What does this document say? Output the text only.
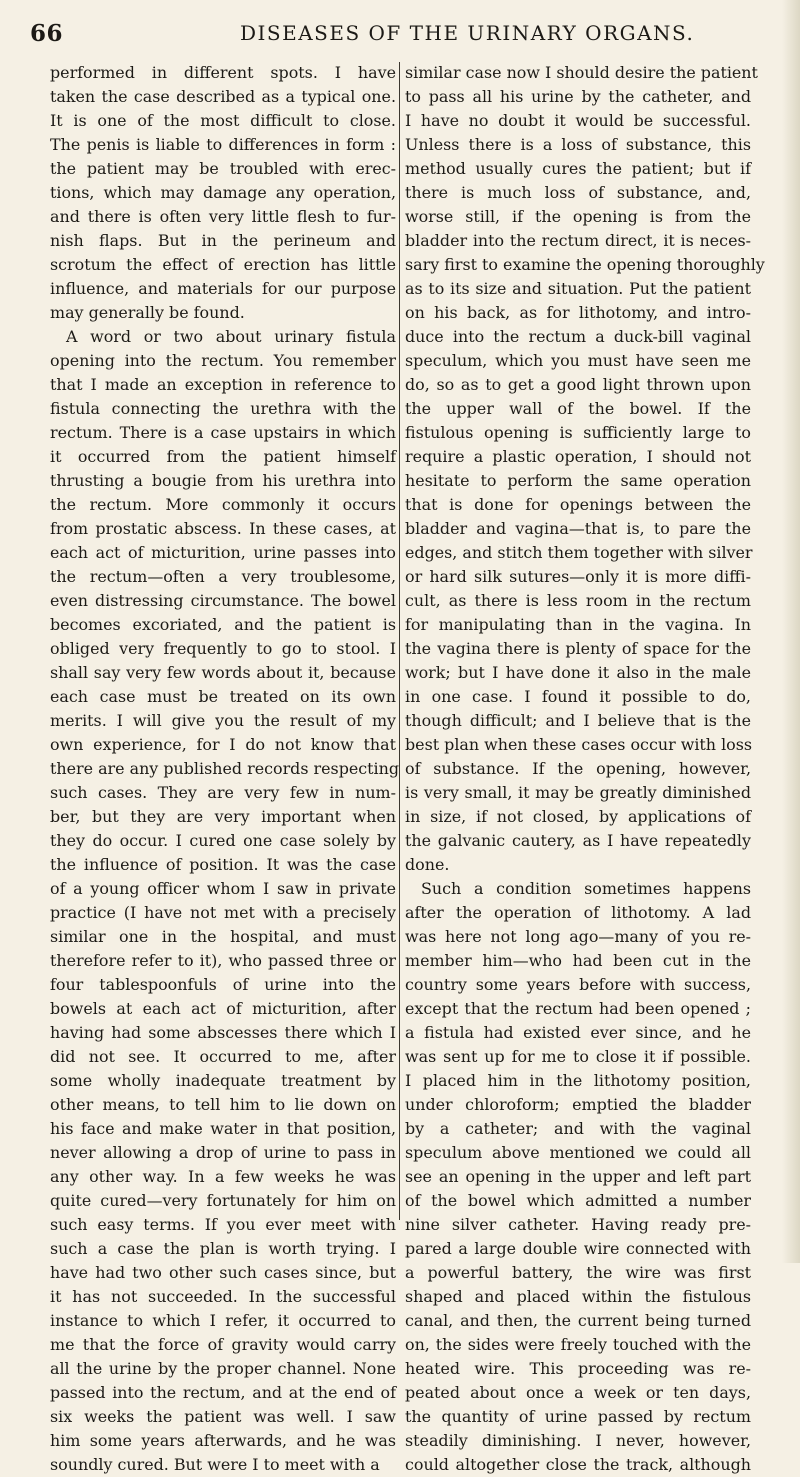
66	DISEASES OF THE URINARY ORGANS.
performed in different spots. I have
taken the case described as a typical one.
It is one of the most difficult to close.
The penis is liable to differences in form :
the patient may be troubled with erec-
tions, which may damage any operation,
and there is often very little flesh to fur-
nish flaps. But in the perineum and
scrotum the effect of erection has little
influence, and materials for our purpose
may generally be found.
A word or two about urinary fistula
opening into the rectum. You remember
that I made an exception in reference to
fistula connecting the urethra with the
rectum. There is a case upstairs in which
it occurred from the patient himself
thrusting a bougie from his urethra into
the rectum. More commonly it occurs
from prostatic abscess. In these cases, at
each act of micturition, urine passes into
the rectum—often a very troublesome,
even distressing circumstance. The bowel
becomes excoriated, and the patient is
obliged very frequently to go to stool. I
shall say very few words about it, because
each case must be treated on its own
merits. I will give you the result of my
own experience, for I do not know that
there are any published records respecting
such cases. They are very few in num-
ber, but they are very important when
they do occur. I cured one case solely by
the influence of position. It was the case
of a young officer whom I saw in private
practice (I have not met with a precisely
similar one in the hospital, and must
therefore refer to it), who passed three or
four tablespoonfuls of urine into the
bowels at each act of micturition, after
having had some abscesses there which I
did not see. It occurred to me, after
some wholly inadequate treatment by
other means, to tell him to lie down on
his face and make water in that position,
never allowing a drop of urine to pass in
any other way. In a few weeks he was
quite cured—very fortunately for him on
such easy terms. If you ever meet with
such a case the plan is worth trying. I
have had two other such cases since, but
it has not succeeded. In the successful
instance to which I refer, it occurred to
me that the force of gravity would carry
all the urine by the proper channel. None
passed into the rectum, and at the end of
six weeks the patient was well. I saw
him some years afterwards, and he was
soundly cured. But were I to meet with a
similar case now I should desire the patient
to pass all his urine by the catheter, and
I have no doubt it would be successful.
Unless there is a loss of substance, this
method usually cures the patient; but if
there is much loss of substance, and,
worse still, if the opening is from the
bladder into the rectum direct, it is neces-
sary first to examine the opening thoroughly
as to its size and situation. Put the patient
on his back, as for lithotomy, and intro-
duce into the rectum a duck-bill vaginal
speculum, which you must have seen me
do, so as to get a good light thrown upon
the upper wall of the bowel. If the
fistulous opening is sufficiently large to
require a plastic operation, I should not
hesitate to perform the same operation
that is done for openings between the
bladder and vagina—that is, to pare the
edges, and stitch them together with silver
or hard silk sutures—only it is more diffi-
cult, as there is less room in the rectum
for manipulating than in the vagina. In
the vagina there is plenty of space for the
work; but I have done it also in the male
in one case. I found it possible to do,
though difficult; and I believe that is the
best plan when these cases occur with loss
of substance. If the opening, however,
is very small, it may be greatly diminished
in size, if not closed, by applications of
the galvanic cautery, as I have repeatedly
done.
Such a condition sometimes happens
after the operation of lithotomy. A lad
was here not long ago—many of you re-
member him—who had been cut in the
country some years before with success,
except that the rectum had been opened ;
a fistula had existed ever since, and he
was sent up for me to close it if possible.
I placed him in the lithotomy position,
under chloroform; emptied the bladder
by a catheter; and with the vaginal
speculum above mentioned we could all
see an opening in the upper and left part
of the bowel which admitted a number
nine silver catheter. Having ready pre-
pared a large double wire connected with
a powerful battery, the wire was first
shaped and placed within the fistulous
canal, and then, the current being turned
on, the sides were freely touched with the
heated wire. This proceeding was re-
peated about once a week or ten days,
the quantity of urine passed by rectum
steadily diminishing. I never, however,
could altogether close the track, although
